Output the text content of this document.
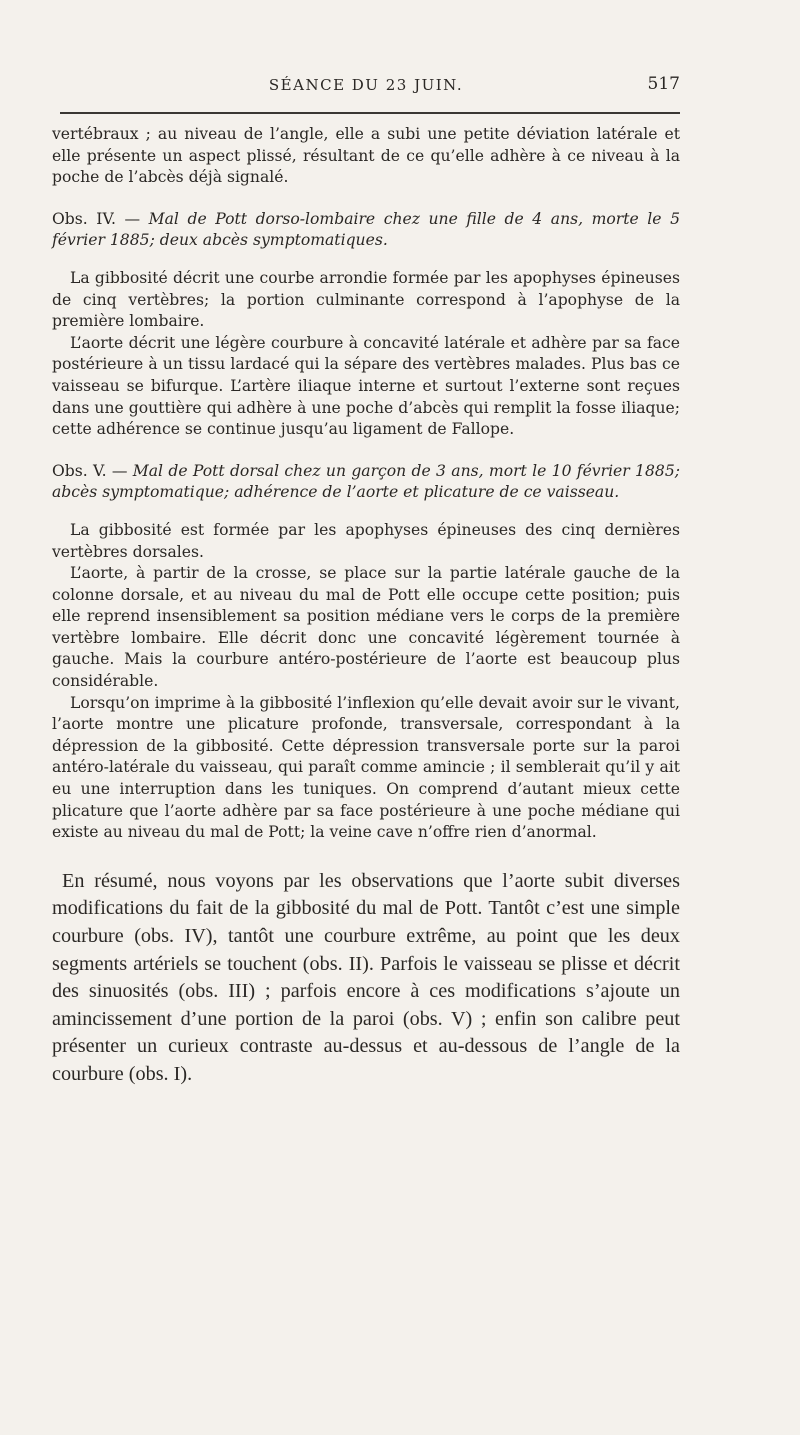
SÉANCE DU 23 JUIN.	517

vertébraux ; au niveau de l’angle, elle a subi une petite déviation latérale et elle présente un aspect plissé, résultant de ce qu’elle adhère à ce niveau à la poche de l’abcès déjà signalé.

Obs. IV. — Mal de Pott dorso-lombaire chez une fille de 4 ans, morte le 5 février 1885; deux abcès symptomatiques.

La gibbosité décrit une courbe arrondie formée par les apophyses épineuses de cinq vertèbres; la portion culminante correspond à l’apophyse de la première lombaire.

L’aorte décrit une légère courbure à concavité latérale et adhère par sa face postérieure à un tissu lardacé qui la sépare des vertèbres malades. Plus bas ce vaisseau se bifurque. L’artère iliaque interne et surtout l’externe sont reçues dans une gouttière qui adhère à une poche d’abcès qui remplit la fosse iliaque; cette adhérence se continue jusqu’au ligament de Fallope.

Obs. V. — Mal de Pott dorsal chez un garçon de 3 ans, mort le 10 février 1885; abcès symptomatique; adhérence de l’aorte et plicature de ce vaisseau.

La gibbosité est formée par les apophyses épineuses des cinq dernières vertèbres dorsales.

L’aorte, à partir de la crosse, se place sur la partie latérale gauche de la colonne dorsale, et au niveau du mal de Pott elle occupe cette position; puis elle reprend insensiblement sa position médiane vers le corps de la première vertèbre lombaire. Elle décrit donc une concavité légèrement tournée à gauche. Mais la courbure antéro-postérieure de l’aorte est beaucoup plus considérable.

Lorsqu’on imprime à la gibbosité l’inflexion qu’elle devait avoir sur le vivant, l’aorte montre une plicature profonde, transversale, correspondant à la dépression de la gibbosité. Cette dépression transversale porte sur la paroi antéro-latérale du vaisseau, qui paraît comme amincie ; il semblerait qu’il y ait eu une interruption dans les tuniques. On comprend d’autant mieux cette plicature que l’aorte adhère par sa face postérieure à une poche médiane qui existe au niveau du mal de Pott; la veine cave n’offre rien d’anormal.

En résumé, nous voyons par les observations que l’aorte subit diverses modifications du fait de la gibbosité du mal de Pott. Tantôt c’est une simple courbure (obs. IV), tantôt une courbure extrême, au point que les deux segments artériels se touchent (obs. II). Parfois le vaisseau se plisse et décrit des sinuosités (obs. III) ; parfois encore à ces modifications s’ajoute un amincissement d’une portion de la paroi (obs. V) ; enfin son calibre peut présenter un curieux contraste au-dessus et au-dessous de l’angle de la courbure (obs. I).
